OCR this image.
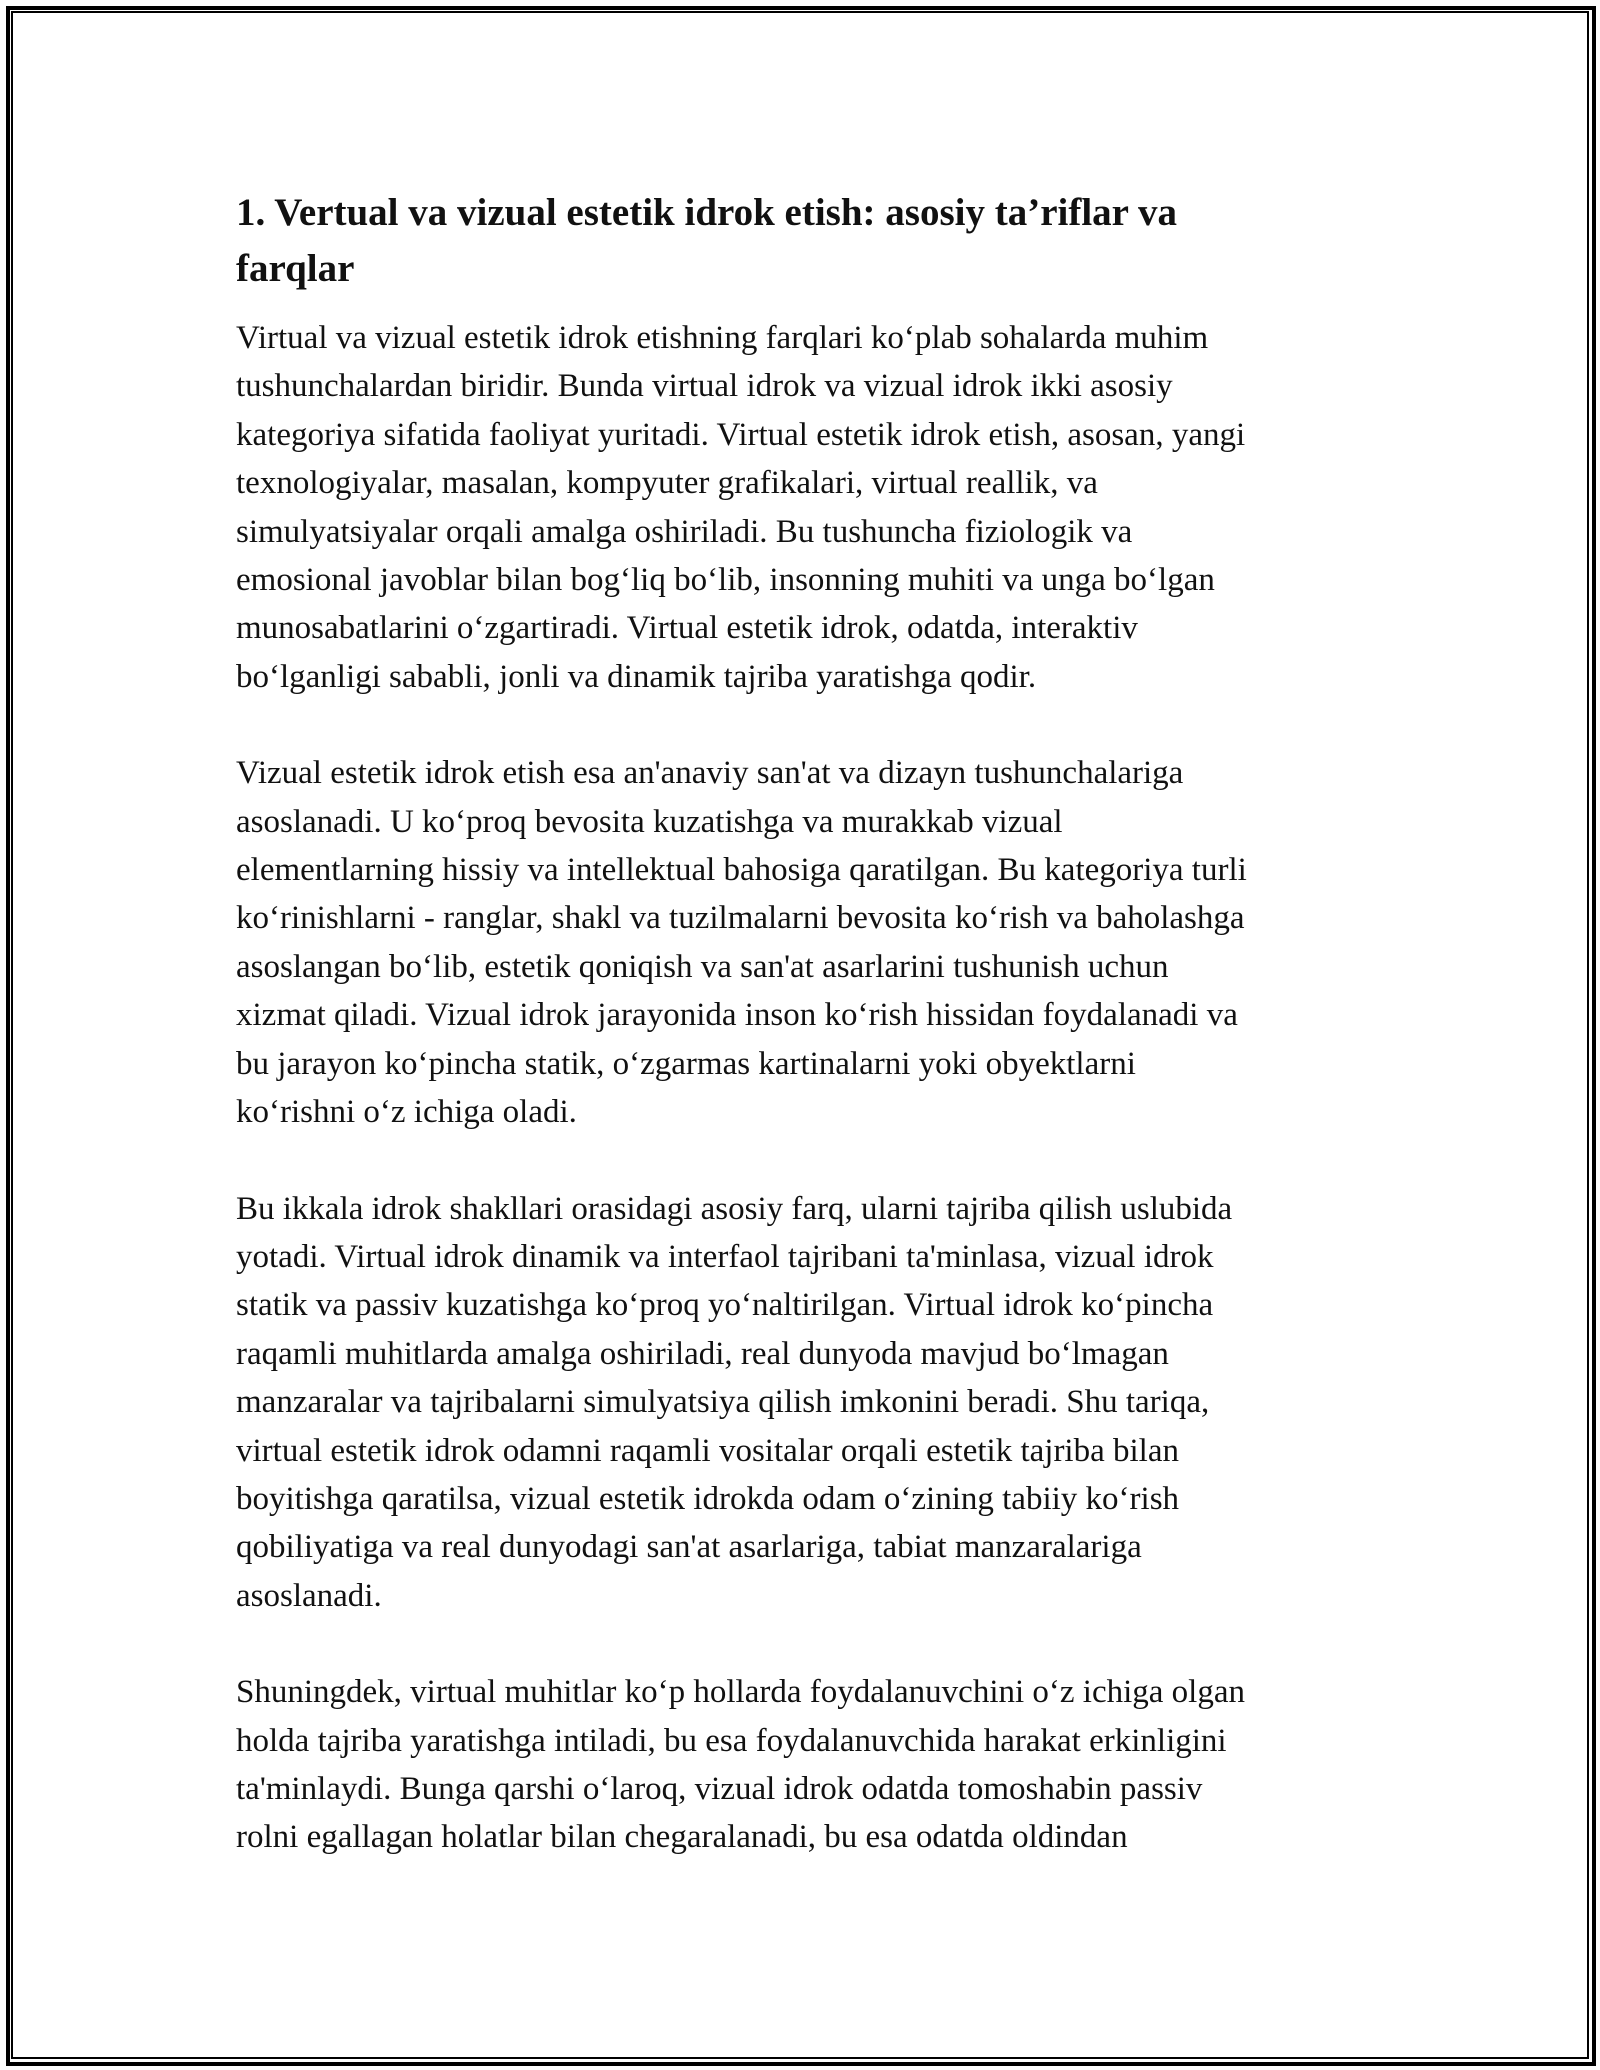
1. Vertual va vizual estetik idrok etish: asosiy ta’riflar va
farqlar
Virtual va vizual estetik idrok etishning farqlari ko‘plab sohalarda muhim
tushunchalardan biridir. Bunda virtual idrok va vizual idrok ikki asosiy
kategoriya sifatida faoliyat yuritadi. Virtual estetik idrok etish, asosan, yangi
texnologiyalar, masalan, kompyuter grafikalari, virtual reallik, va
simulyatsiyalar orqali amalga oshiriladi. Bu tushuncha fiziologik va
emosional javoblar bilan bog‘liq bo‘lib, insonning muhiti va unga bo‘lgan
munosabatlarini o‘zgartiradi. Virtual estetik idrok, odatda, interaktiv
bo‘lganligi sababli, jonli va dinamik tajriba yaratishga qodir.
Vizual estetik idrok etish esa an'anaviy san'at va dizayn tushunchalariga
asoslanadi. U ko‘proq bevosita kuzatishga va murakkab vizual
elementlarning hissiy va intellektual bahosiga qaratilgan. Bu kategoriya turli
ko‘rinishlarni - ranglar, shakl va tuzilmalarni bevosita ko‘rish va baholashga
asoslangan bo‘lib, estetik qoniqish va san'at asarlarini tushunish uchun
xizmat qiladi. Vizual idrok jarayonida inson ko‘rish hissidan foydalanadi va
bu jarayon ko‘pincha statik, o‘zgarmas kartinalarni yoki obyektlarni
ko‘rishni o‘z ichiga oladi.
Bu ikkala idrok shakllari orasidagi asosiy farq, ularni tajriba qilish uslubida
yotadi. Virtual idrok dinamik va interfaol tajribani ta'minlasa, vizual idrok
statik va passiv kuzatishga ko‘proq yo‘naltirilgan. Virtual idrok ko‘pincha
raqamli muhitlarda amalga oshiriladi, real dunyoda mavjud bo‘lmagan
manzaralar va tajribalarni simulyatsiya qilish imkonini beradi. Shu tariqa,
virtual estetik idrok odamni raqamli vositalar orqali estetik tajriba bilan
boyitishga qaratilsa, vizual estetik idrokda odam o‘zining tabiiy ko‘rish
qobiliyatiga va real dunyodagi san'at asarlariga, tabiat manzaralariga
asoslanadi.
Shuningdek, virtual muhitlar ko‘p hollarda foydalanuvchini o‘z ichiga olgan
holda tajriba yaratishga intiladi, bu esa foydalanuvchida harakat erkinligini
ta'minlaydi. Bunga qarshi o‘laroq, vizual idrok odatda tomoshabin passiv
rolni egallagan holatlar bilan chegaralanadi, bu esa odatda oldindan
